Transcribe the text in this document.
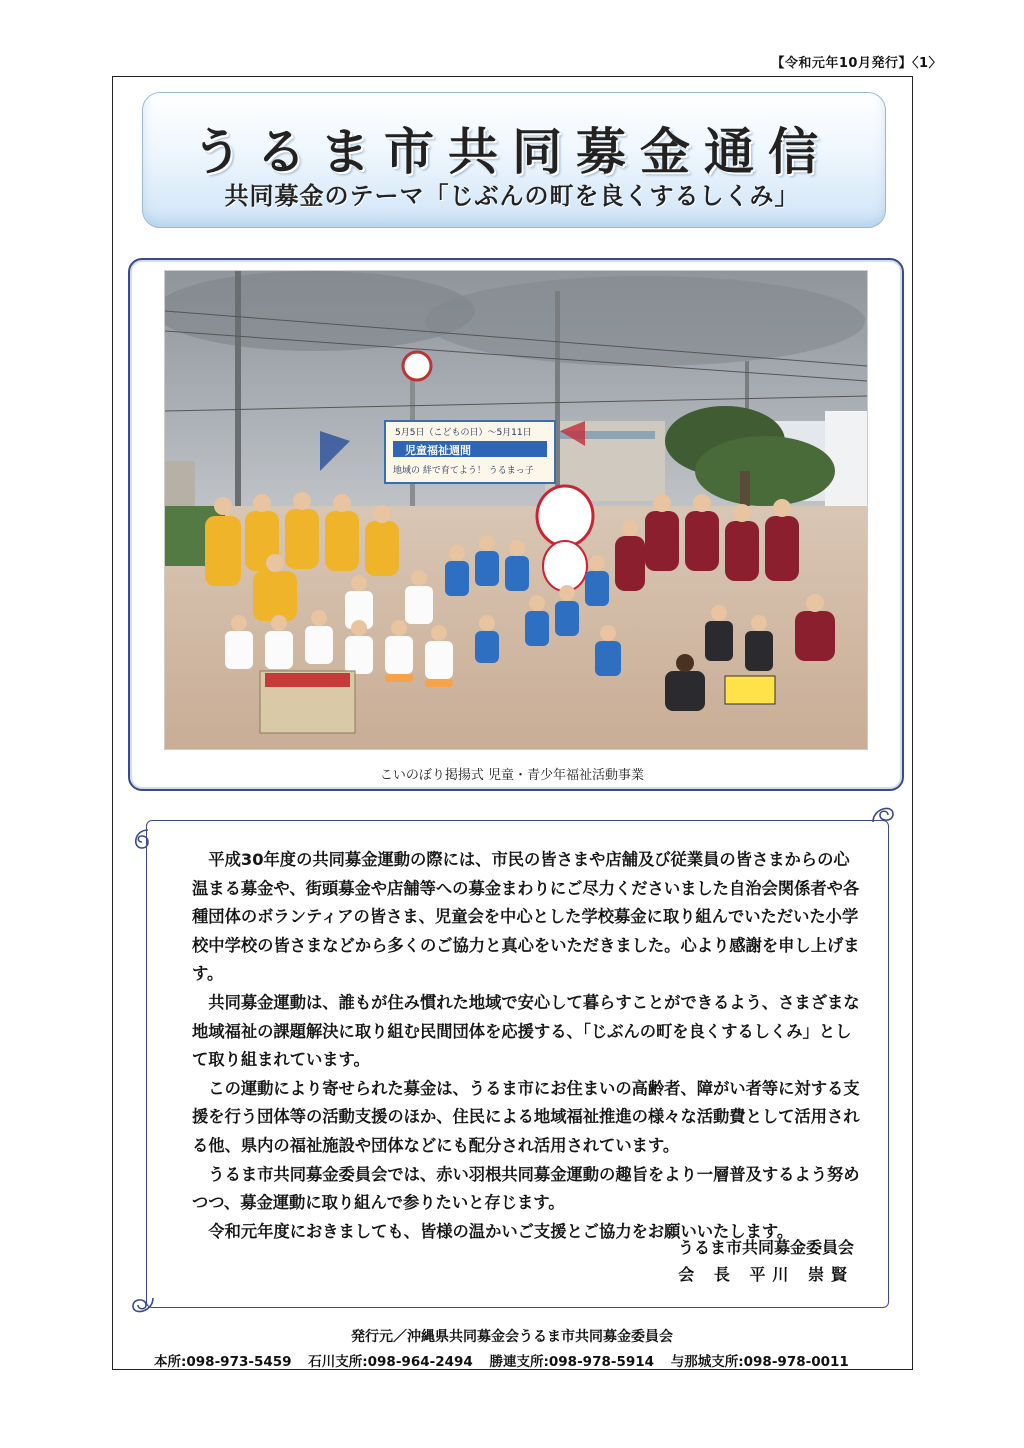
【令和元年10月発行】〈1〉
うるま市共同募金通信
共同募金のテーマ「じぶんの町を良くするしくみ」
5月5日（こどもの日）〜5月11日
児童福祉週間
地域の 絆で育てよう！ うるまっ子
こいのぼり掲揚式 児童・青少年福祉活動事業

平成30年度の共同募金運動の際には、市民の皆さまや店舗及び従業員の皆さまからの心温まる募金や、街頭募金や店舗等への募金まわりにご尽力くださいました自治会関係者や各種団体のボランティアの皆さま、児童会を中心とした学校募金に取り組んでいただいた小学校中学校の皆さまなどから多くのご協力と真心をいただきました。心より感謝を申し上げます。

共同募金運動は、誰もが住み慣れた地域で安心して暮らすことができるよう、さまざまな地域福祉の課題解決に取り組む民間団体を応援する、「じぶんの町を良くするしくみ」として取り組まれています。

この運動により寄せられた募金は、うるま市にお住まいの高齢者、障がい者等に対する支援を行う団体等の活動支援のほか、住民による地域福祉推進の様々な活動費として活用される他、県内の福祉施設や団体などにも配分され活用されています。

うるま市共同募金委員会では、赤い羽根共同募金運動の趣旨をより一層普及するよう努めつつ、募金運動に取り組んで参りたいと存じます。

令和元年度におきましても、皆様の温かいご支援とご協力をお願いいたします。

うるま市共同募金委員会
会 長 平川 崇賢
発行元／沖縄県共同募金会うるま市共同募金委員会
本所:098-973-5459 石川支所:098-964-2494 勝連支所:098-978-5914 与那城支所:098-978-0011
